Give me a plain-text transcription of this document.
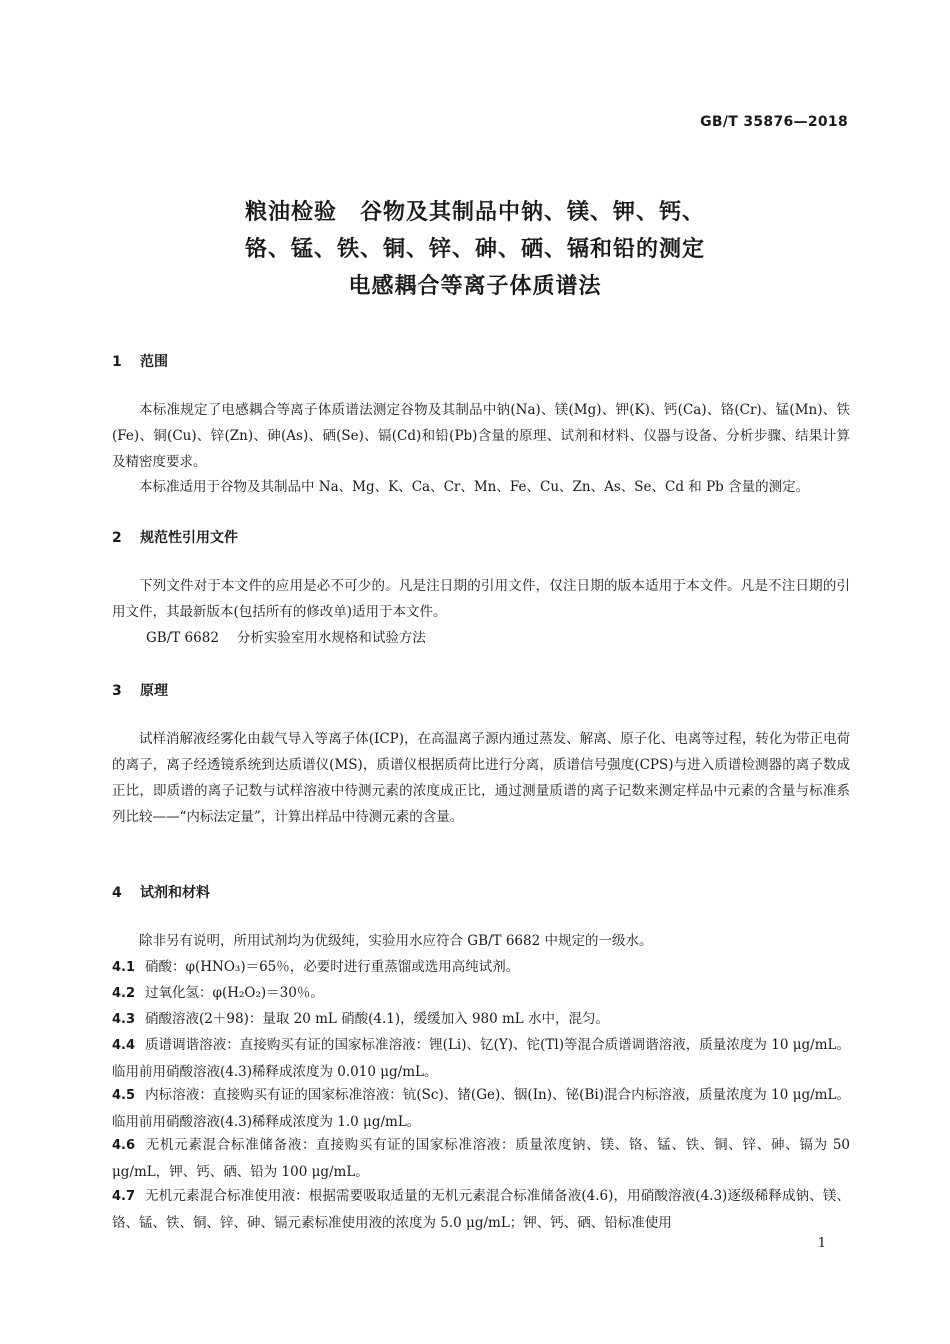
GB/T 35876—2018
粮油检验　谷物及其制品中钠、镁、钾、钙、
铬、锰、铁、铜、锌、砷、硒、镉和铅的测定
电感耦合等离子体质谱法
1 范围
本标准规定了电感耦合等离子体质谱法测定谷物及其制品中钠(Na)、镁(Mg)、钾(K)、钙(Ca)、铬(Cr)、锰(Mn)、铁(Fe)、铜(Cu)、锌(Zn)、砷(As)、硒(Se)、镉(Cd)和铅(Pb)含量的原理、试剂和材料、仪器与设备、分析步骤、结果计算及精密度要求。
本标准适用于谷物及其制品中 Na、Mg、K、Ca、Cr、Mn、Fe、Cu、Zn、As、Se、Cd 和 Pb 含量的测定。
2 规范性引用文件
下列文件对于本文件的应用是必不可少的。凡是注日期的引用文件，仅注日期的版本适用于本文件。凡是不注日期的引用文件，其最新版本(包括所有的修改单)适用于本文件。
GB/T 6682 分析实验室用水规格和试验方法
3 原理
试样消解液经雾化由载气导入等离子体(ICP)，在高温离子源内通过蒸发、解离、原子化、电离等过程，转化为带正电荷的离子，离子经透镜系统到达质谱仪(MS)，质谱仪根据质荷比进行分离，质谱信号强度(CPS)与进入质谱检测器的离子数成正比，即质谱的离子记数与试样溶液中待测元素的浓度成正比，通过测量质谱的离子记数来测定样品中元素的含量与标准系列比较——“内标法定量”，计算出样品中待测元素的含量。
4 试剂和材料
除非另有说明，所用试剂均为优级纯，实验用水应符合 GB/T 6682 中规定的一级水。
4.1 硝酸：φ(HNO₃)＝65％，必要时进行重蒸馏或选用高纯试剂。
4.2 过氧化氢：φ(H₂O₂)＝30％。
4.3 硝酸溶液(2＋98)：量取 20 mL 硝酸(4.1)，缓缓加入 980 mL 水中，混匀。
4.4 质谱调谐溶液：直接购买有证的国家标准溶液：锂(Li)、钇(Y)、铊(Tl)等混合质谱调谐溶液，质量浓度为 10 μg/mL。临用前用硝酸溶液(4.3)稀释成浓度为 0.010 μg/mL。
4.5 内标溶液：直接购买有证的国家标准溶液：钪(Sc)、锗(Ge)、铟(In)、铋(Bi)混合内标溶液，质量浓度为 10 μg/mL。临用前用硝酸溶液(4.3)稀释成浓度为 1.0 μg/mL。
4.6 无机元素混合标准储备液：直接购买有证的国家标准溶液：质量浓度钠、镁、铬、锰、铁、铜、锌、砷、镉为 50 μg/mL，钾、钙、硒、铅为 100 μg/mL。
4.7 无机元素混合标准使用液：根据需要吸取适量的无机元素混合标准储备液(4.6)，用硝酸溶液(4.3)逐级稀释成钠、镁、铬、锰、铁、铜、锌、砷、镉元素标准使用液的浓度为 5.0 μg/mL；钾、钙、硒、铅标准使用
1
